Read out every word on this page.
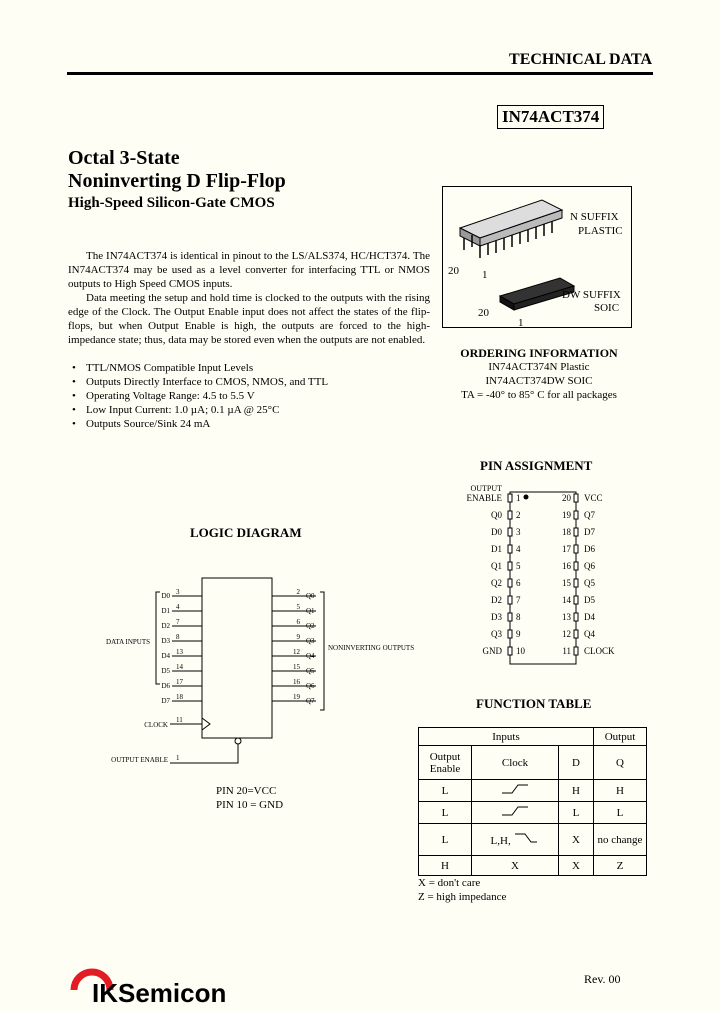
TECHNICAL DATA
IN74ACT374
Octal 3-State
Noninverting D Flip-Flop
High-Speed Silicon-Gate CMOS

The IN74ACT374 is identical in pinout to the LS/ALS374, HC/HCT374. The IN74ACT374 may be used as a level converter for interfacing TTL or NMOS outputs to High Speed CMOS inputs.

Data meeting the setup and hold time is clocked to the outputs with the rising edge of the Clock. The Output Enable input does not affect the states of the flip-flops, but when Output Enable is high, the outputs are forced to the high-impedance state; thus, data may be stored even when the outputs are not enabled.

• TTL/NMOS Compatible Input Levels
• Outputs Directly Interface to CMOS, NMOS, and TTL
• Operating Voltage Range: 4.5 to 5.5 V
• Low Input Current: 1.0 µA; 0.1 µA @ 25°C
• Outputs Source/Sink 24 mA
N SUFFIX
PLASTIC
20 1
DW SUFFIX
SOIC
20
1
ORDERING INFORMATION
IN74ACT374N Plastic
IN74ACT374DW SOIC
TA = -40° to 85° C for all packages
PIN ASSIGNMENT
OUTPUT
ENABLE 1	20 VCC
Q0 2	19 Q7
D0 3	18 D7
D1 4	17 D6
Q1 5	16 Q6
Q2 6	15 Q5
D2 7	14 D5
D3 8	13 D4
Q3 9	12 Q4
GND 10	11 CLOCK
LOGIC DIAGRAM
DATA INPUTS
NONINVERTING OUTPUTS
D0 3	2 Q0
D1 4	5 Q1
D2 7	6 Q2
D3 8	9 Q3
D4 13	12 Q4
D5 14	15 Q5
D6 17	16 Q6
D7 18	19 Q7
CLOCK
11
OUTPUT ENABLE 1
PIN 20=VCC
PIN 10 = GND
FUNCTION TABLE
Inputs			Output
Output Enable	Clock	D	Q
L		H	H
L		L	L
L	L,H,	X	no change
H	X	X	Z
X = don't care
Z = high impedance
IKSemicon	Rev. 00
